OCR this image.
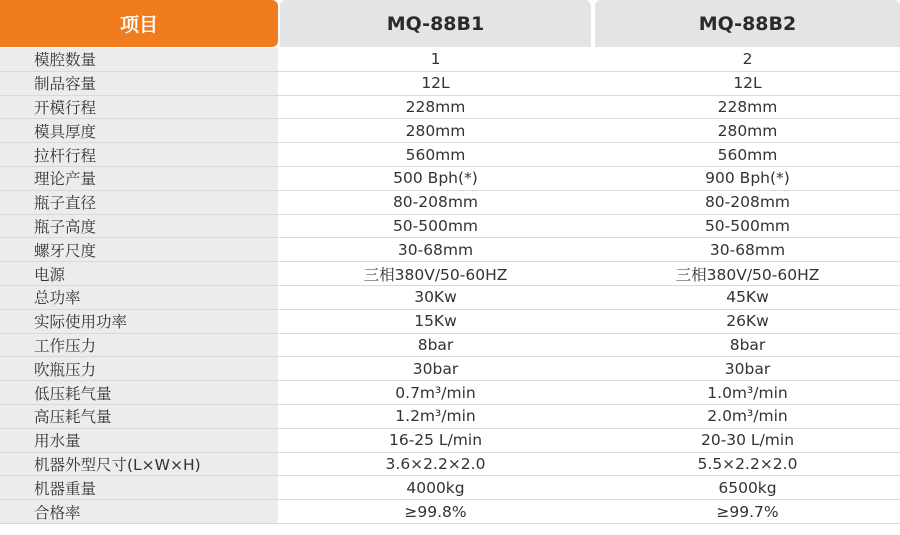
项目	MQ-88B1	MQ-88B2
模腔数量	1	2
制品容量	12L	12L
开模行程	228mm	228mm
模具厚度	280mm	280mm
拉杆行程	560mm	560mm
理论产量	500 Bph(*)	900 Bph(*)
瓶子直径	80-208mm	80-208mm
瓶子高度	50-500mm	50-500mm
螺牙尺度	30-68mm	30-68mm
电源	三相380V/50-60HZ	三相380V/50-60HZ
总功率	30Kw	45Kw
实际使用功率	15Kw	26Kw
工作压力	8bar	8bar
吹瓶压力	30bar	30bar
低压耗气量	0.7m³/min	1.0m³/min
高压耗气量	1.2m³/min	2.0m³/min
用水量	16-25 L/min	20-30 L/min
机器外型尺寸(L×W×H)	3.6×2.2×2.0	5.5×2.2×2.0
机器重量	4000kg	6500kg
合格率	≥99.8%	≥99.7%
